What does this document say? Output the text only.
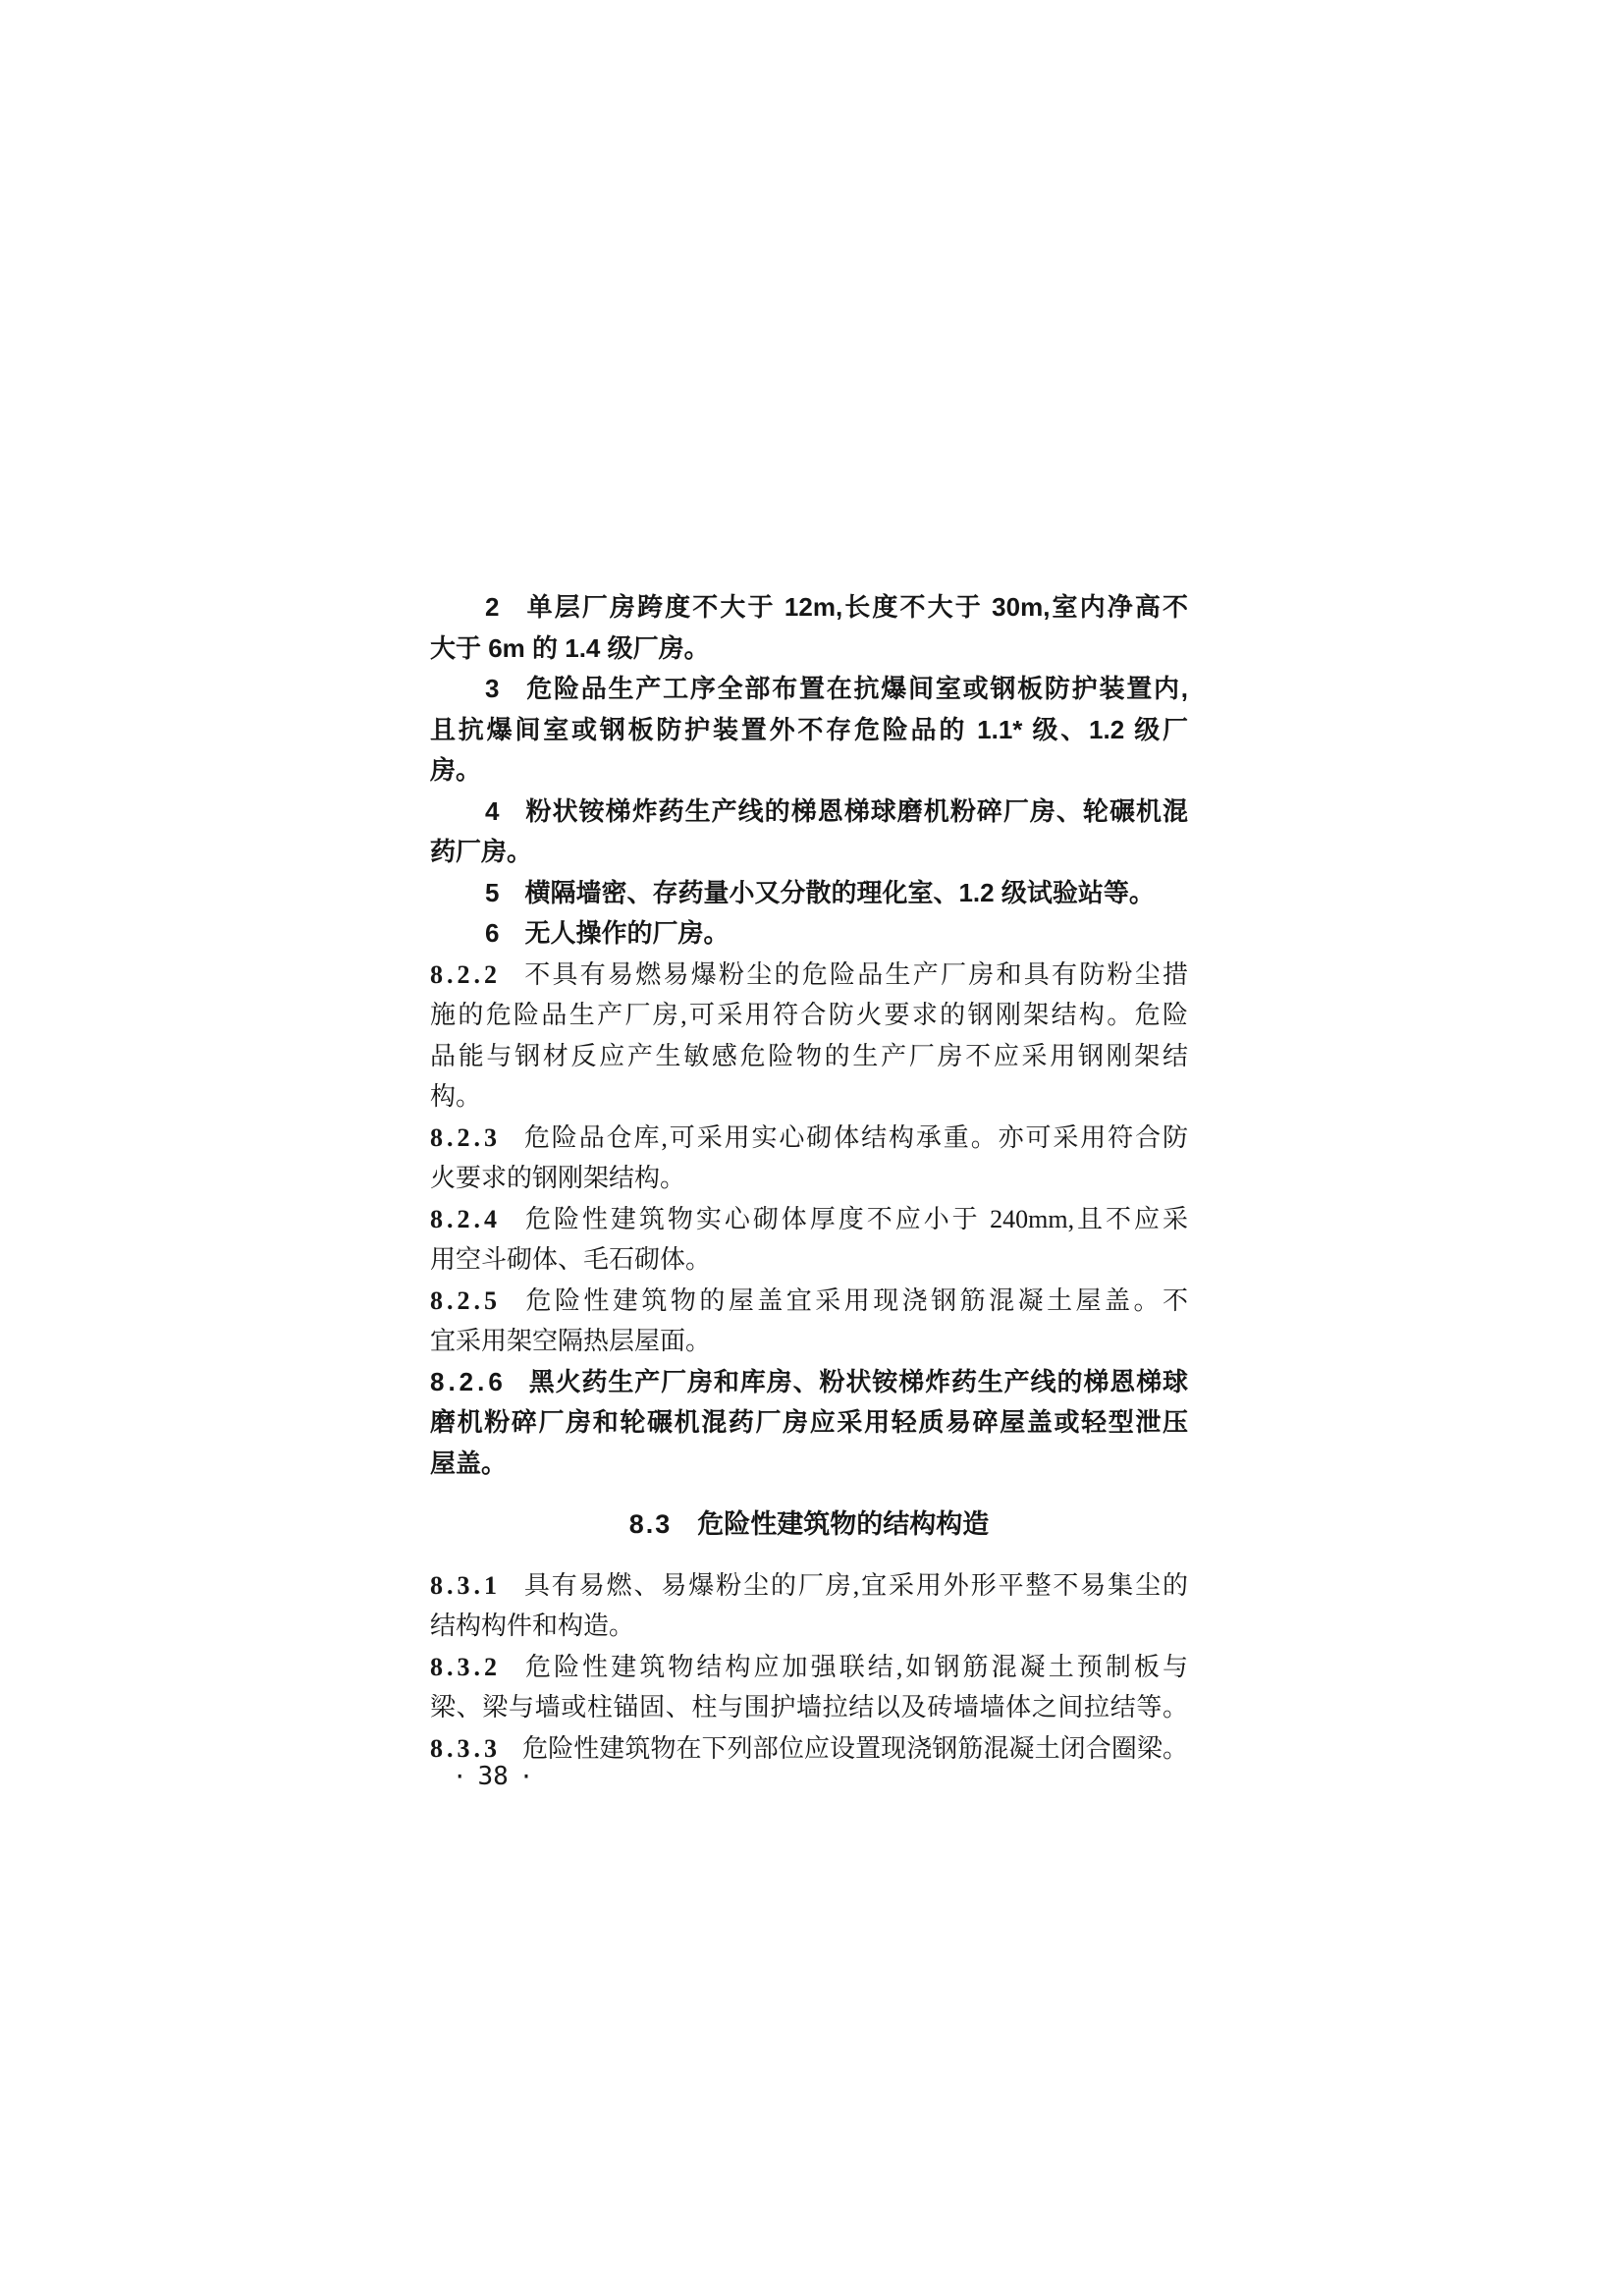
2 单层厂房跨度不大于 12m,长度不大于 30m,室内净高不
大于 6m 的 1.4 级厂房。
3 危险品生产工序全部布置在抗爆间室或钢板防护装置内,
且抗爆间室或钢板防护装置外不存危险品的 1.1* 级、1.2 级厂
房。
4 粉状铵梯炸药生产线的梯恩梯球磨机粉碎厂房、轮碾机混
药厂房。
5 横隔墙密、存药量小又分散的理化室、1.2 级试验站等。
6 无人操作的厂房。
8.2.2 不具有易燃易爆粉尘的危险品生产厂房和具有防粉尘措
施的危险品生产厂房,可采用符合防火要求的钢刚架结构。危险
品能与钢材反应产生敏感危险物的生产厂房不应采用钢刚架结
构。
8.2.3 危险品仓库,可采用实心砌体结构承重。亦可采用符合防
火要求的钢刚架结构。
8.2.4 危险性建筑物实心砌体厚度不应小于 240mm,且不应采
用空斗砌体、毛石砌体。
8.2.5 危险性建筑物的屋盖宜采用现浇钢筋混凝土屋盖。不
宜采用架空隔热层屋面。
8.2.6 黑火药生产厂房和库房、粉状铵梯炸药生产线的梯恩梯球
磨机粉碎厂房和轮碾机混药厂房应采用轻质易碎屋盖或轻型泄压
屋盖。
8.3 危险性建筑物的结构构造
8.3.1 具有易燃、易爆粉尘的厂房,宜采用外形平整不易集尘的
结构构件和构造。
8.3.2 危险性建筑物结构应加强联结,如钢筋混凝土预制板与
梁、梁与墙或柱锚固、柱与围护墙拉结以及砖墙墙体之间拉结等。
8.3.3 危险性建筑物在下列部位应设置现浇钢筋混凝土闭合圈梁。
· 38 ·
